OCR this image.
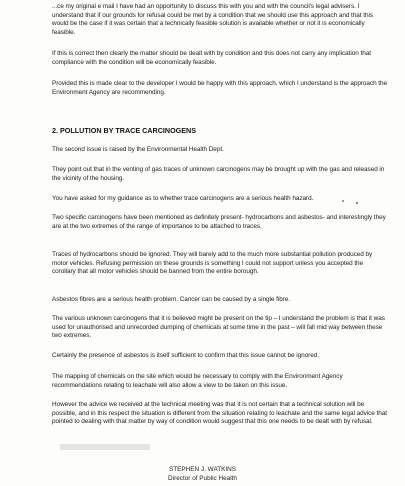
...ce my original e mail I have had an opportunity to discuss this with you and with the council's legal advisers. I understand that if our grounds for refusal could be met by a condition that we should use this approach and that this would be the case if it was certain that a technically feasible solution is available whether or not it is economically feasible.
If this is correct then clearly the matter should be dealt with by condition and this does not carry any implication that compliance with the condition will be economically feasible.
Provided this is made clear to the developer I would be happy with this approach, which I understand is the approach the Environment Agency are recommending.
2. POLLUTION BY TRACE CARCINOGENS
The second issue is raised by the Environmental Health Dept.
They point out that in the venting of gas traces of unknown carcinogens may be brought up with the gas and released in the vicinity of the housing.
You have asked for my guidance as to whether trace carcinogens are a serious health hazard.
Two specific carcinogens have been mentioned as definitely present- hydrocarbons and asbestos- and interestingly they are at the two extremes of the range of importance to be attached to traces.
Traces of hydrocarbons should be ignored. They will barely add to the much more substantial pollution produced by motor vehicles. Refusing permission on these grounds is something I could not support unless you accepted the corollary that all motor vehicles should be banned from the entire borough.
Asbestos fibres are a serious health problem. Cancer can be caused by a single fibre.
The various unknown carcinogens that it is believed might be present on the tip – I understand the problem is that it was used for unauthorised and unrecorded dumping of chemicals at some time in the past – will fall mid way between these two extremes.
Certainly the presence of asbestos is itself sufficient to confirm that this issue cannot be ignored.
The mapping of chemicals on the site which would be necessary to comply with the Environment Agency recommendations relating to leachate will also allow a view to be taken on this issue.
However the advice we received at the technical meeting was that it is not certain that a technical solution will be possible, and in this respect the situation is different from the situation relating to leachate and the same legal advice that pointed to dealing with that matter by way of condition would suggest that this one needs to be dealt with by refusal.
STEPHEN J. WATKINS
Director of Public Health
